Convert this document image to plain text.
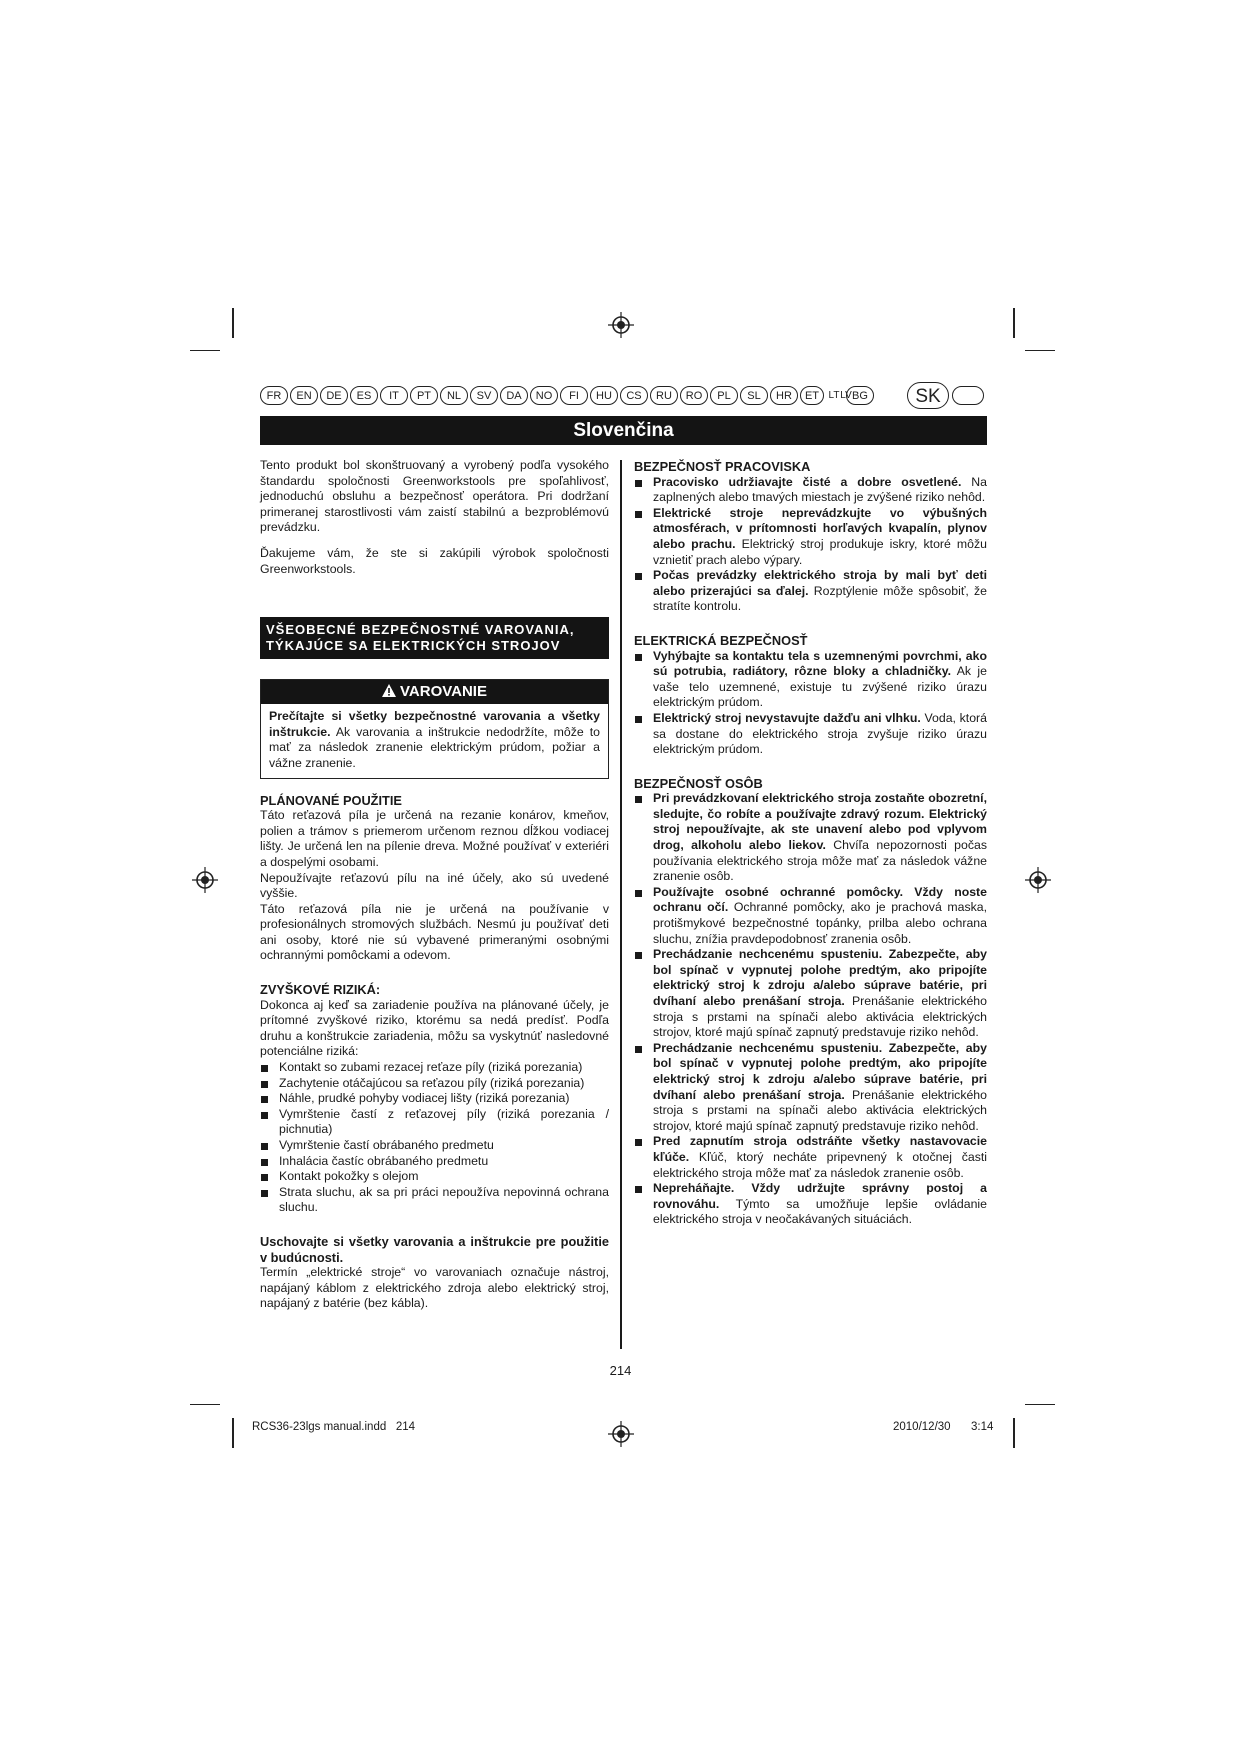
FR	EN	DE	ES	IT	PT	NL	SV	DA	NO	FI	HU	CS	RU	RO	PL	SL	HR	ET LT LV BG	SK
Slovenčina

Tento produkt bol skonštruovaný a vyrobený podľa vysokého štandardu spoločnosti Greenworkstools pre spoľahlivosť, jednoduchú obsluhu a bezpečnosť operátora. Pri dodržaní primeranej starostlivosti vám zaistí stabilnú a bezproblémovú prevádzku.

Ďakujeme vám, že ste si zakúpili výrobok spoločnosti Greenworkstools.

VŠEOBECNÉ BEZPEČNOSTNÉ VAROVANIA, TÝKAJÚCE SA ELEKTRICKÝCH STROJOV
VAROVANIE
Prečítajte si všetky bezpečnostné varovania a všetky inštrukcie. Ak varovania a inštrukcie nedodržíte, môže to mať za následok zranenie elektrickým prúdom, požiar a vážne zranenie.

PLÁNOVANÉ POUŽITIE

Táto reťazová píla je určená na rezanie konárov, kmeňov, polien a trámov s priemerom určenom reznou dĺžkou vodiacej lišty. Je určená len na pílenie dreva. Možné používať v exteriéri a dospelými osobami.

Nepoužívajte reťazovú pílu na iné účely, ako sú uvedené vyššie.

Táto reťazová píla nie je určená na používanie v profesionálnych stromových službách. Nesmú ju používať deti ani osoby, ktoré nie sú vybavené primeranými osobnými ochrannými pomôckami a odevom.

ZVYŠKOVÉ RIZIKÁ:

Dokonca aj keď sa zariadenie používa na plánované účely, je prítomné zvyškové riziko, ktorému sa nedá predísť. Podľa druhu a konštrukcie zariadenia, môžu sa vyskytnúť nasledovné potenciálne riziká:

Kontakt so zubami rezacej reťaze píly (riziká porezania)
Zachytenie otáčajúcou sa reťazou píly (riziká porezania)
Náhle, prudké pohyby vodiacej lišty (riziká porezania)
Vymrštenie častí z reťazovej píly (riziká porezania / pichnutia)
Vymrštenie častí obrábaného predmetu
Inhalácia častíc obrábaného predmetu
Kontakt pokožky s olejom
Strata sluchu, ak sa pri práci nepoužíva nepovinná ochrana sluchu.

Uschovajte si všetky varovania a inštrukcie pre použitie v budúcnosti.

Termín „elektrické stroje“ vo varovaniach označuje nástroj, napájaný káblom z elektrického zdroja alebo elektrický stroj, napájaný z batérie (bez kábla).

BEZPEČNOSŤ PRACOVISKA

Pracovisko udržiavajte čisté a dobre osvetlené. Na zaplnených alebo tmavých miestach je zvýšené riziko nehôd.
Elektrické stroje neprevádzkujte vo výbušných atmosférach, v prítomnosti horľavých kvapalín, plynov alebo prachu. Elektrický stroj produkuje iskry, ktoré môžu vznietiť prach alebo výpary.
Počas prevádzky elektrického stroja by mali byť deti alebo prizerajúci sa ďalej. Rozptýlenie môže spôsobiť, že stratíte kontrolu.

ELEKTRICKÁ BEZPEČNOSŤ

Vyhýbajte sa kontaktu tela s uzemnenými povrchmi, ako sú potrubia, radiátory, rôzne bloky a chladničky. Ak je vaše telo uzemnené, existuje tu zvýšené riziko úrazu elektrickým prúdom.
Elektrický stroj nevystavujte dažďu ani vlhku. Voda, ktorá sa dostane do elektrického stroja zvyšuje riziko úrazu elektrickým prúdom.

BEZPEČNOSŤ OSÔB

Pri prevádzkovaní elektrického stroja zostaňte obozretní, sledujte, čo robíte a používajte zdravý rozum. Elektrický stroj nepoužívajte, ak ste unavení alebo pod vplyvom drog, alkoholu alebo liekov. Chvíľa nepozornosti počas používania elektrického stroja môže mať za následok vážne zranenie osôb.
Používajte osobné ochranné pomôcky. Vždy noste ochranu očí. Ochranné pomôcky, ako je prachová maska, protišmykové bezpečnostné topánky, prilba alebo ochrana sluchu, znížia pravdepodobnosť zranenia osôb.
Prechádzanie nechcenému spusteniu. Zabezpečte, aby bol spínač v vypnutej polohe predtým, ako pripojíte elektrický stroj k zdroju a/alebo súprave batérie, pri dvíhaní alebo prenášaní stroja. Prenášanie elektrického stroja s prstami na spínači alebo aktivácia elektrických strojov, ktoré majú spínač zapnutý predstavuje riziko nehôd.
Prechádzanie nechcenému spusteniu. Zabezpečte, aby bol spínač v vypnutej polohe predtým, ako pripojíte elektrický stroj k zdroju a/alebo súprave batérie, pri dvíhaní alebo prenášaní stroja. Prenášanie elektrického stroja s prstami na spínači alebo aktivácia elektrických strojov, ktoré majú spínač zapnutý predstavuje riziko nehôd.
Pred zapnutím stroja odstráňte všetky nastavovacie kľúče. Kľúč, ktorý necháte pripevnený k otočnej časti elektrického stroja môže mať za následok zranenie osôb.
Nepreháňajte. Vždy udržujte správny postoj a rovnováhu. Týmto sa umožňuje lepšie ovládanie elektrického stroja v neočakávaných situáciách.
214
RCS36-23lgs manual.indd   214	2010/12/30 3:14
